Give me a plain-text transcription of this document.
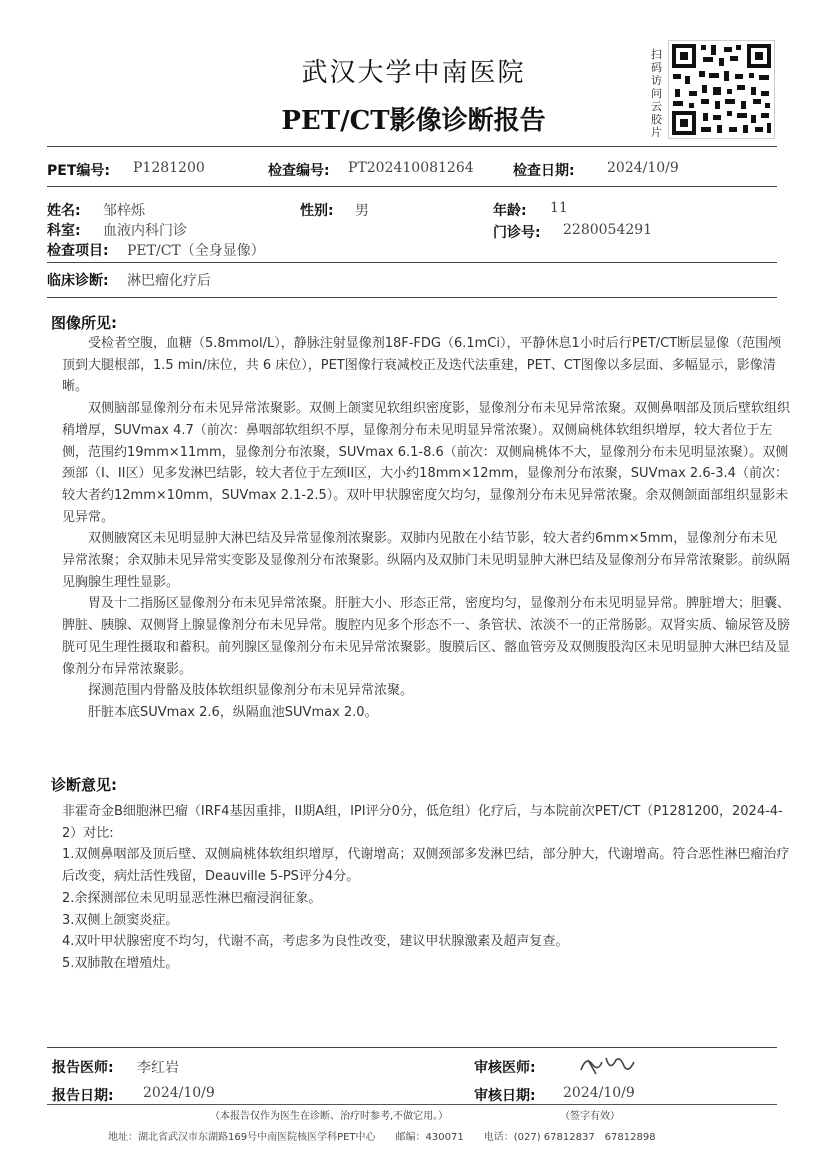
武汉大学中南医院
PET/CT影像诊断报告
扫码访问云胶片
PET编号: P1281200	检查编号: PT202410081264	检查日期: 2024/10/9
姓名: 邹梓烁	性别: 男	年龄: 11
科室: 血液内科门诊	门诊号: 2280054291
检查项目: PET/CT（全身显像）
临床诊断: 淋巴瘤化疗后
图像所见:

受检者空腹，血糖（5.8mmol/L），静脉注射显像剂18F-FDG（6.1mCi），平静休息1小时后行PET/CT断层显像（范围颅顶到大腿根部，1.5 min/床位，共 6 床位），PET图像行衰减校正及迭代法重建，PET、CT图像以多层面、多幅显示，影像清晰。

双侧脑部显像剂分布未见异常浓聚影。双侧上颌窦见软组织密度影，显像剂分布未见异常浓聚。双侧鼻咽部及顶后壁软组织稍增厚，SUVmax 4.7（前次：鼻咽部软组织不厚，显像剂分布未见明显异常浓聚）。双侧扁桃体软组织增厚，较大者位于左侧，范围约19mm×11mm，显像剂分布浓聚，SUVmax 6.1-8.6（前次：双侧扁桃体不大，显像剂分布未见明显浓聚）。双侧颈部（I、II区）见多发淋巴结影，较大者位于左颈II区，大小约18mm×12mm，显像剂分布浓聚，SUVmax 2.6-3.4（前次：较大者约12mm×10mm，SUVmax 2.1-2.5）。双叶甲状腺密度欠均匀，显像剂分布未见异常浓聚。余双侧颌面部组织显影未见异常。

双侧腋窝区未见明显肿大淋巴结及异常显像剂浓聚影。双肺内见散在小结节影，较大者约6mm×5mm，显像剂分布未见异常浓聚；余双肺未见异常实变影及显像剂分布浓聚影。纵隔内及双肺门未见明显肿大淋巴结及显像剂分布异常浓聚影。前纵隔见胸腺生理性显影。

胃及十二指肠区显像剂分布未见异常浓聚。肝脏大小、形态正常，密度均匀，显像剂分布未见明显异常。脾脏增大；胆囊、脾脏、胰腺、双侧肾上腺显像剂分布未见异常。腹腔内见多个形态不一、条管状、浓淡不一的正常肠影。双肾实质、输尿管及膀胱可见生理性摄取和蓄积。前列腺区显像剂分布未见异常浓聚影。腹膜后区、髂血管旁及双侧腹股沟区未见明显肿大淋巴结及显像剂分布异常浓聚影。

探测范围内骨骼及肢体软组织显像剂分布未见异常浓聚。

肝脏本底SUVmax 2.6，纵隔血池SUVmax 2.0。

诊断意见:

非霍奇金B细胞淋巴瘤（IRF4基因重排，II期A组，IPI评分0分，低危组）化疗后，与本院前次PET/CT（P1281200，2024-4-2）对比:

1.双侧鼻咽部及顶后壁、双侧扁桃体软组织增厚，代谢增高；双侧颈部多发淋巴结，部分肿大，代谢增高。符合恶性淋巴瘤治疗后改变，病灶活性残留，Deauville 5-PS评分4分。

2.余探测部位未见明显恶性淋巴瘤浸润征象。

3.双侧上颌窦炎症。

4.双叶甲状腺密度不均匀，代谢不高，考虑多为良性改变，建议甲状腺激素及超声复查。

5.双肺散在增殖灶。

报告医师: 李红岩	审核医师:
报告日期: 2024/10/9	审核日期: 2024/10/9
（本报告仅作为医生在诊断、治疗时参考,不做它用。）	（签字有效）
地址：湖北省武汉市东湖路169号中南医院核医学科PET中心　　邮编：430071　　电话：(027) 67812837　67812898
